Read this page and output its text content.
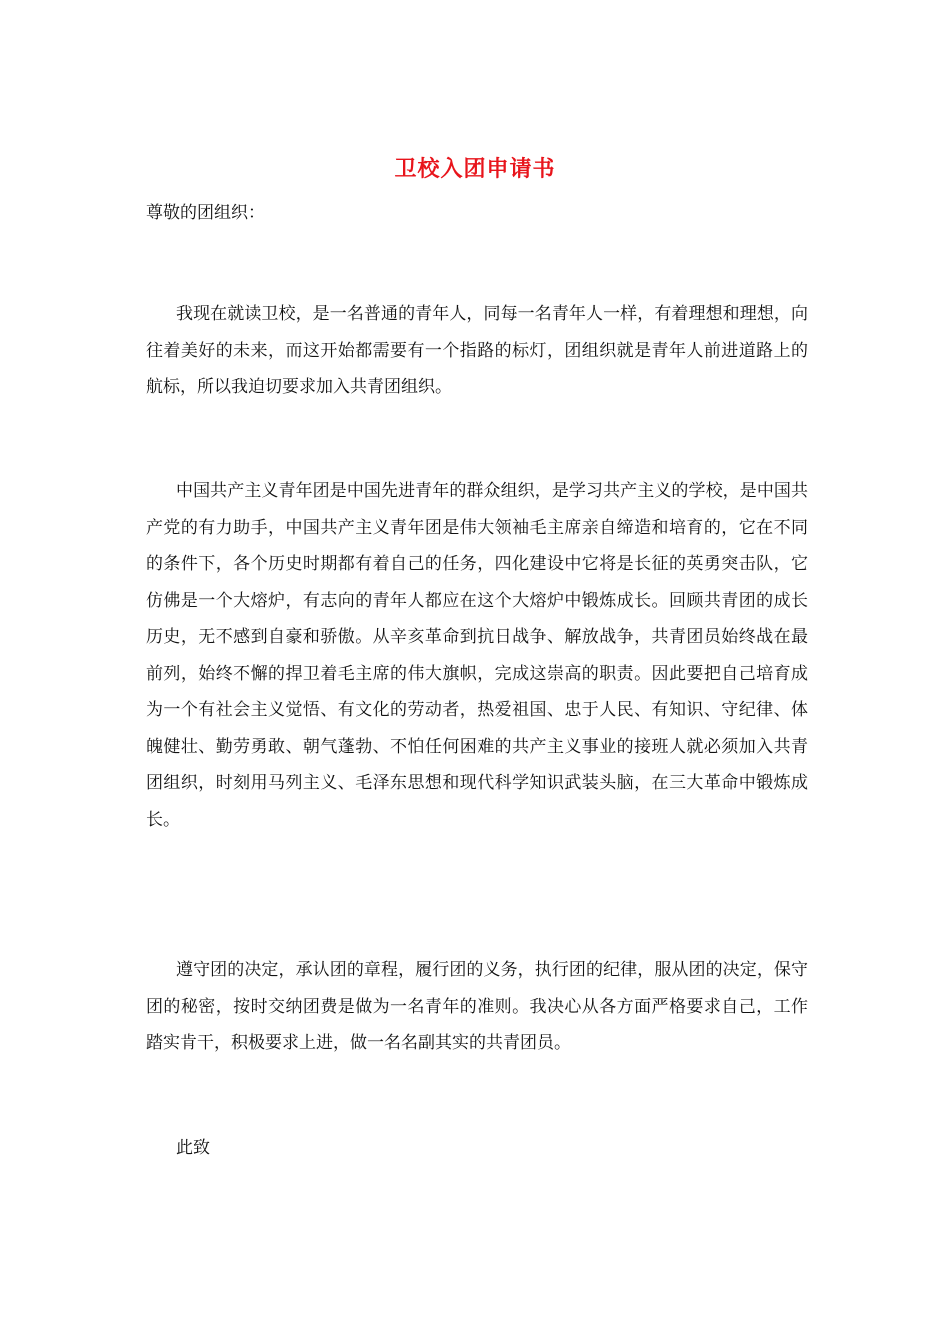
卫校入团申请书
尊敬的团组织：

我现在就读卫校，是一名普通的青年人，同每一名青年人一样，有着理想和理想，向往着美好的未来，而这开始都需要有一个指路的标灯，团组织就是青年人前进道路上的航标，所以我迫切要求加入共青团组织。

中国共产主义青年团是中国先进青年的群众组织，是学习共产主义的学校，是中国共产党的有力助手，中国共产主义青年团是伟大领袖毛主席亲自缔造和培育的，它在不同的条件下，各个历史时期都有着自己的任务，四化建设中它将是长征的英勇突击队，它仿佛是一个大熔炉，有志向的青年人都应在这个大熔炉中锻炼成长。回顾共青团的成长历史，无不感到自豪和骄傲。从辛亥革命到抗日战争、解放战争，共青团员始终战在最前列，始终不懈的捍卫着毛主席的伟大旗帜，完成这崇高的职责。因此要把自己培育成为一个有社会主义觉悟、有文化的劳动者，热爱祖国、忠于人民、有知识、守纪律、体魄健壮、勤劳勇敢、朝气蓬勃、不怕任何困难的共产主义事业的接班人就必须加入共青团组织，时刻用马列主义、毛泽东思想和现代科学知识武装头脑，在三大革命中锻炼成长。

遵守团的决定，承认团的章程，履行团的义务，执行团的纪律，服从团的决定，保守团的秘密，按时交纳团费是做为一名青年的准则。我决心从各方面严格要求自己，工作踏实肯干，积极要求上进，做一名名副其实的共青团员。

此致
